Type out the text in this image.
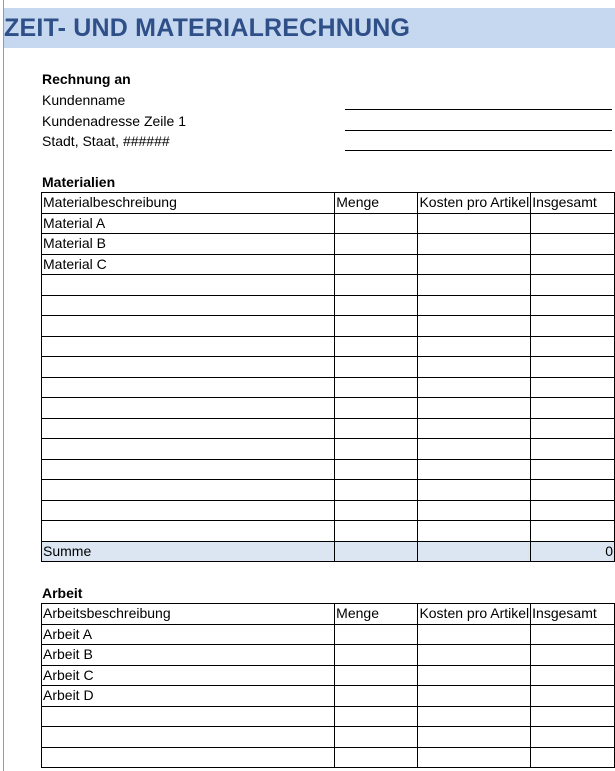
ZEIT- UND MATERIALRECHNUNG
Rechnung an
Kundenname
Kundenadresse Zeile 1
Stadt, Staat, ######
Materialien
Materialbeschreibung	Menge	Kosten pro Artikel	Insgesamt
Material A			
Material B			
Material C			

Summe			0
Arbeit
Arbeitsbeschreibung	Menge	Kosten pro Artikel	Insgesamt
Arbeit A			
Arbeit B			
Arbeit C			
Arbeit D			
